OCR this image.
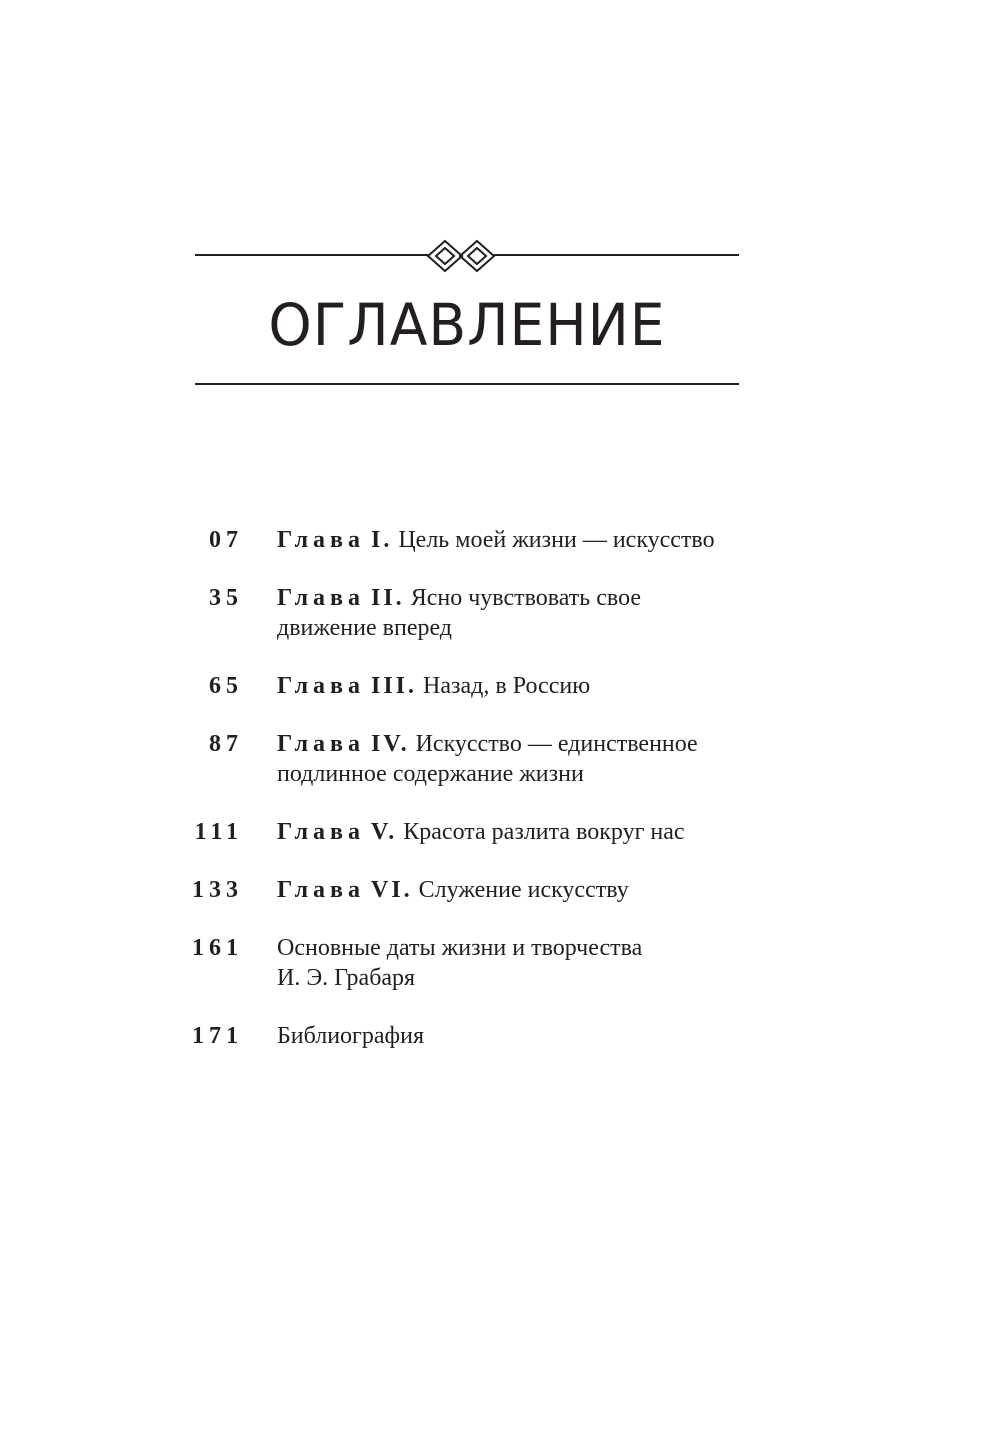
ОГЛАВЛЕНИЕ
07 Глава I. Цель моей жизни — искусство
35 Глава II. Ясно чувствовать свое движение вперед
65 Глава III. Назад, в Россию
87 Глава IV. Искусство — единственное подлинное содержание жизни
111 Глава V. Красота разлита вокруг нас
133 Глава VI. Служение искусству
161 Основные даты жизни и творчества
И. Э. Грабаря
171 Библиография
